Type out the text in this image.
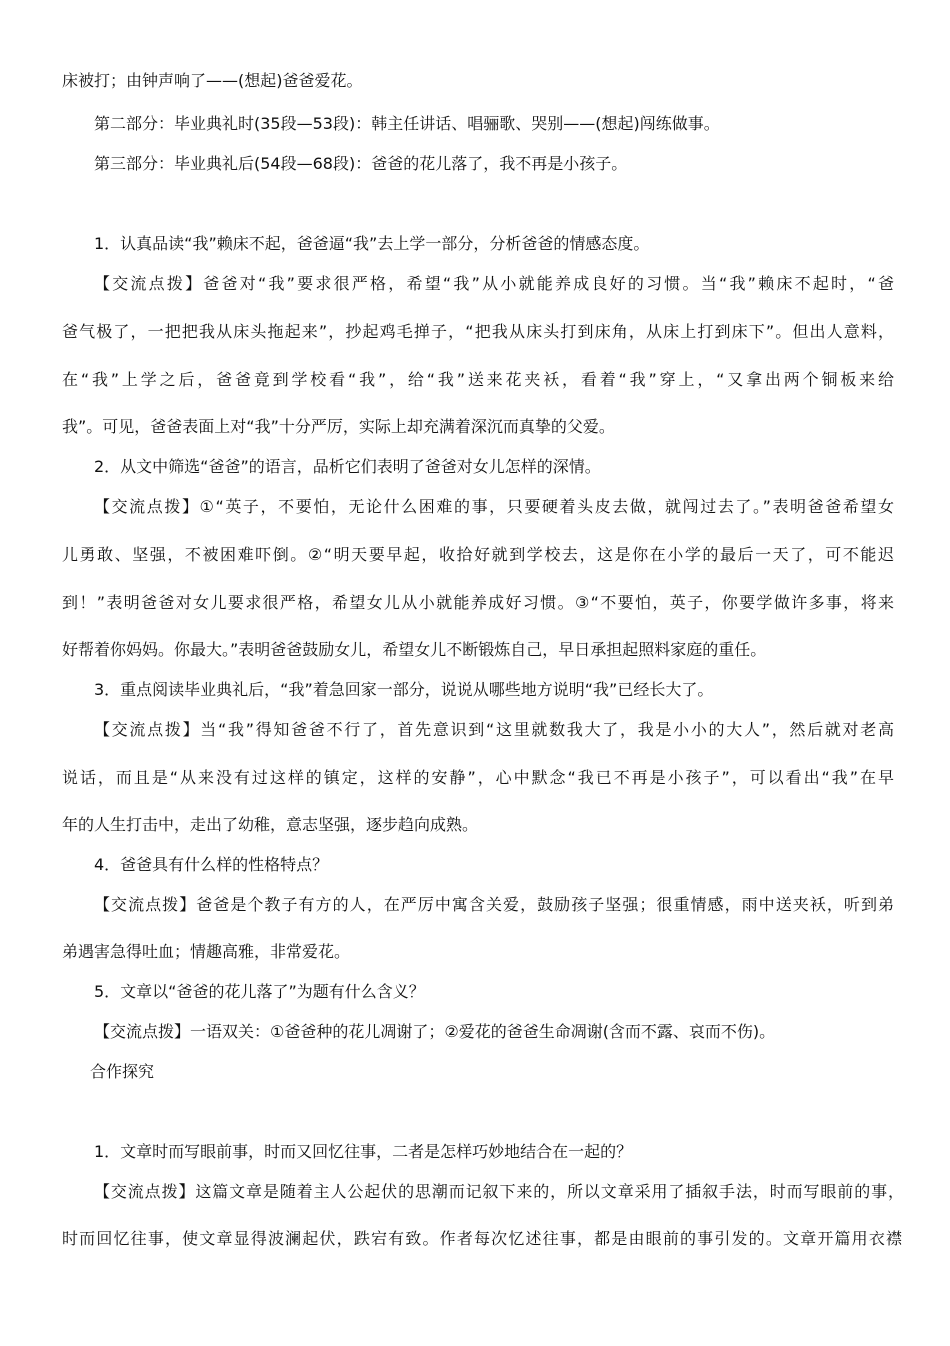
床被打；由钟声响了——(想起)爸爸爱花。
第二部分：毕业典礼时(35段—53段)：韩主任讲话、唱骊歌、哭别——(想起)闯练做事。
第三部分：毕业典礼后(54段—68段)：爸爸的花儿落了，我不再是小孩子。
1．认真品读“我”赖床不起，爸爸逼“我”去上学一部分，分析爸爸的情感态度。
【交流点拨】爸爸对“我”要求很严格，希望“我”从小就能养成良好的习惯。当“我”赖床不起时，“爸
爸气极了，一把把我从床头拖起来”，抄起鸡毛掸子，“把我从床头打到床角，从床上打到床下”。但出人意料，
在“我”上学之后，爸爸竟到学校看“我”，给“我”送来花夹袄，看着“我”穿上，“又拿出两个铜板来给
我”。可见，爸爸表面上对“我”十分严厉，实际上却充满着深沉而真挚的父爱。
2．从文中筛选“爸爸”的语言，品析它们表明了爸爸对女儿怎样的深情。
【交流点拨】①“英子，不要怕，无论什么困难的事，只要硬着头皮去做，就闯过去了。”表明爸爸希望女
儿勇敢、坚强，不被困难吓倒。②“明天要早起，收拾好就到学校去，这是你在小学的最后一天了，可不能迟
到！”表明爸爸对女儿要求很严格，希望女儿从小就能养成好习惯。③“不要怕，英子，你要学做许多事，将来
好帮着你妈妈。你最大。”表明爸爸鼓励女儿，希望女儿不断锻炼自己，早日承担起照料家庭的重任。
3．重点阅读毕业典礼后，“我”着急回家一部分，说说从哪些地方说明“我”已经长大了。
【交流点拨】当“我”得知爸爸不行了，首先意识到“这里就数我大了，我是小小的大人”，然后就对老高
说话，而且是“从来没有过这样的镇定，这样的安静”，心中默念“我已不再是小孩子”，可以看出“我”在早
年的人生打击中，走出了幼稚，意志坚强，逐步趋向成熟。
4．爸爸具有什么样的性格特点？
【交流点拨】爸爸是个教子有方的人，在严厉中寓含关爱，鼓励孩子坚强；很重情感，雨中送夹袄，听到弟
弟遇害急得吐血；情趣高雅，非常爱花。
5．文章以“爸爸的花儿落了”为题有什么含义？
【交流点拨】一语双关：①爸爸种的花儿凋谢了；②爱花的爸爸生命凋谢(含而不露、哀而不伤)。
合作探究
1．文章时而写眼前事，时而又回忆往事，二者是怎样巧妙地结合在一起的？
【交流点拨】这篇文章是随着主人公起伏的思潮而记叙下来的，所以文章采用了插叙手法，时而写眼前的事，
时而回忆往事，使文章显得波澜起伏，跌宕有致。作者每次忆述往事，都是由眼前的事引发的。文章开篇用衣襟
